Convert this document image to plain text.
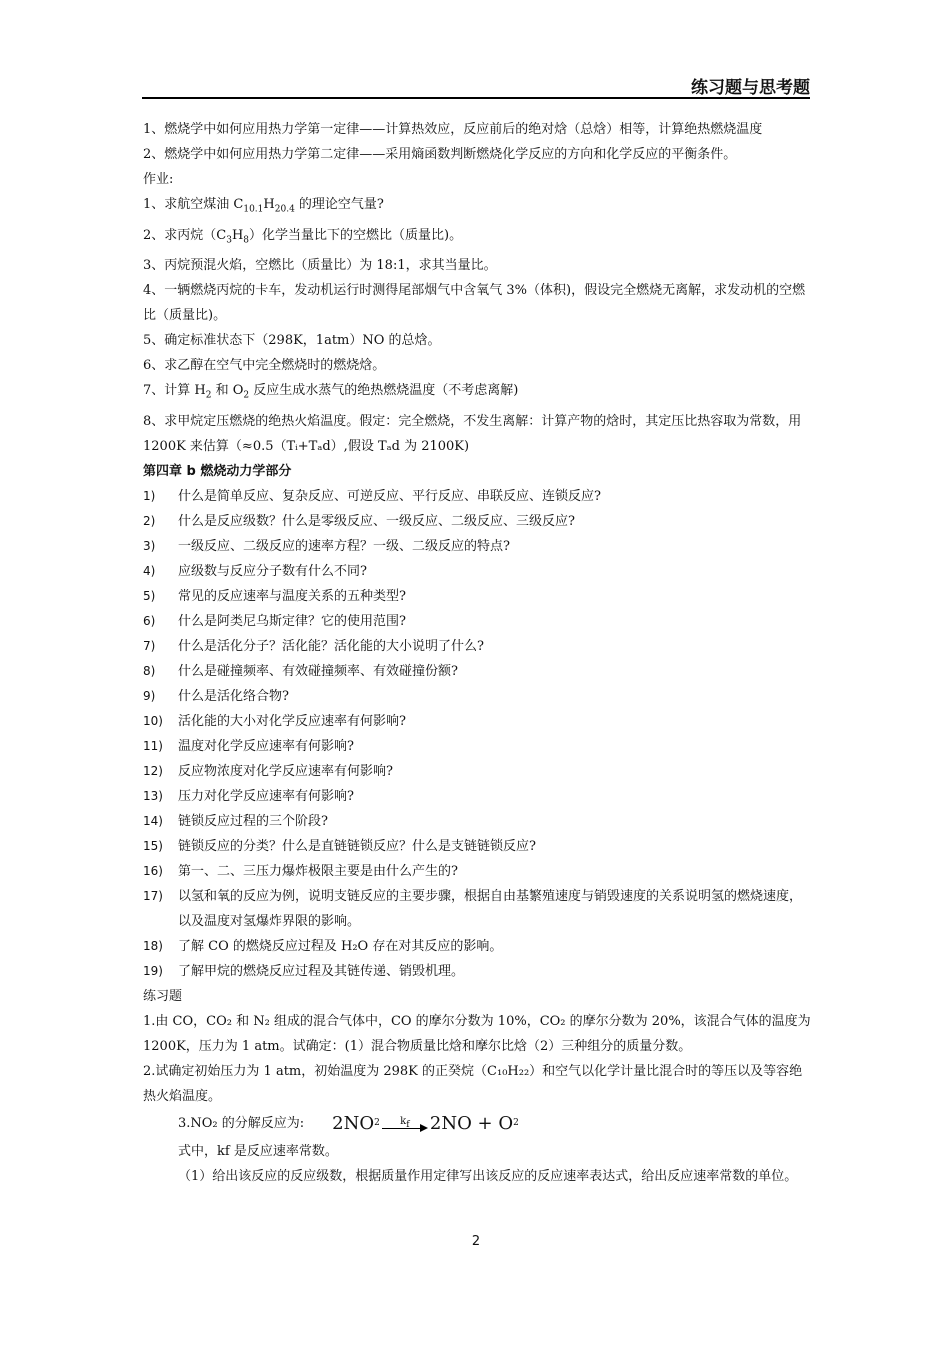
练习题与思考题

1、燃烧学中如何应用热力学第一定律——计算热效应，反应前后的绝对焓（总焓）相等，计算绝热燃烧温度

2、燃烧学中如何应用热力学第二定律——采用熵函数判断燃烧化学反应的方向和化学反应的平衡条件。

作业:

1、求航空煤油 $C_{10.1}H_{20.4}$ 的理论空气量?

2、求丙烷$(C_3H_8)$化学当量比下的空燃比（质量比)。

3、丙烷预混火焰，空燃比（质量比）为 18:1，求其当量比。

4、一辆燃烧丙烷的卡车，发动机运行时测得尾部烟气中含氧气 3%（体积)，假设完全燃烧无离解，求发动机的空燃比（质量比)。

5、确定标准状态下（298K，1atm）NO 的总焓。

6、求乙醇在空气中完全燃烧时的燃烧焓。

7、计算 $H_2$ 和 $O_2$ 反应生成水蒸气的绝热燃烧温度（不考虑离解)

8、求甲烷定压燃烧的绝热火焰温度。假定：完全燃烧，不发生离解：计算产物的焓时，其定压比热容取为常数，用 1200K 来估算（≈0.5（Tᵢ+Tₐd）,假设 Tₐd 为 2100K)

第四章 b 燃烧动力学部分

1)	什么是简单反应、复杂反应、可逆反应、平行反应、串联反应、连锁反应?
2)	什么是反应级数？什么是零级反应、一级反应、二级反应、三级反应?
3)	一级反应、二级反应的速率方程？一级、二级反应的特点?
4)	应级数与反应分子数有什么不同?
5)	常见的反应速率与温度关系的五种类型?
6)	什么是阿类尼乌斯定律？它的使用范围?
7)	什么是活化分子？活化能？活化能的大小说明了什么?
8)	什么是碰撞频率、有效碰撞频率、有效碰撞份额?
9)	什么是活化络合物?
10)	活化能的大小对化学反应速率有何影响?
11)	温度对化学反应速率有何影响?
12)	反应物浓度对化学反应速率有何影响?
13)	压力对化学反应速率有何影响?
14)	链锁反应过程的三个阶段?
15)	链锁反应的分类？什么是直链链锁反应？什么是支链链锁反应?
16)	第一、二、三压力爆炸极限主要是由什么产生的?
17)	以氢和氧的反应为例，说明支链反应的主要步骤，根据自由基繁殖速度与销毁速度的关系说明氢的燃烧速度，以及温度对氢爆炸界限的影响。
18)	了解 CO 的燃烧反应过程及 H₂O 存在对其反应的影响。
19)	了解甲烷的燃烧反应过程及其链传递、销毁机理。

练习题

1.由 CO，CO₂ 和 N₂ 组成的混合气体中，CO 的摩尔分数为 10%，CO₂ 的摩尔分数为 20%，该混合气体的温度为 1200K，压力为 1 atm。试确定：(1）混合物质量比焓和摩尔比焓（2）三种组分的质量分数。

2.试确定初始压力为 1 atm，初始温度为 298K 的正癸烷（C₁₀H₂₂）和空气以化学计量比混合时的等压以及等容绝热火焰温度。

3.NO₂ 的分解反应为: 2NO 2	$k_f$	2NO + O 2

式中，kf 是反应速率常数。

（1）给出该反应的反应级数，根据质量作用定律写出该反应的反应速率表达式，给出反应速率常数的单位。

2
